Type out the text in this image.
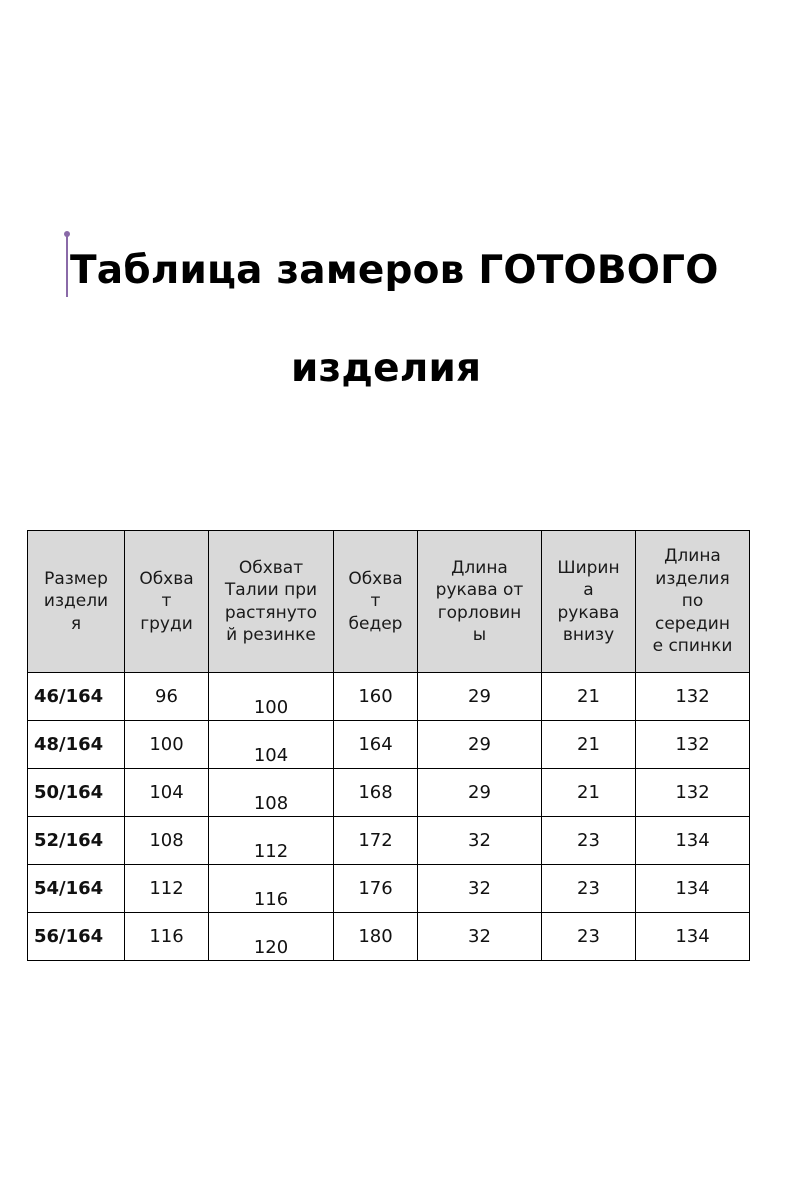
Таблица замеров ГОТОВОГО
изделия
Размер
издели
я	Обхва
т
груди	Обхват
Талии при
растянуто
й резинке	Обхва
т
бедер	Длина
рукава от
горловин
ы	Ширин
а
рукава
внизу	Длина
изделия
по
середин
е спинки
46/164	96	100	160	29	21	132
48/164	100	104	164	29	21	132
50/164	104	108	168	29	21	132
52/164	108	112	172	32	23	134
54/164	112	116	176	32	23	134
56/164	116	120	180	32	23	134
